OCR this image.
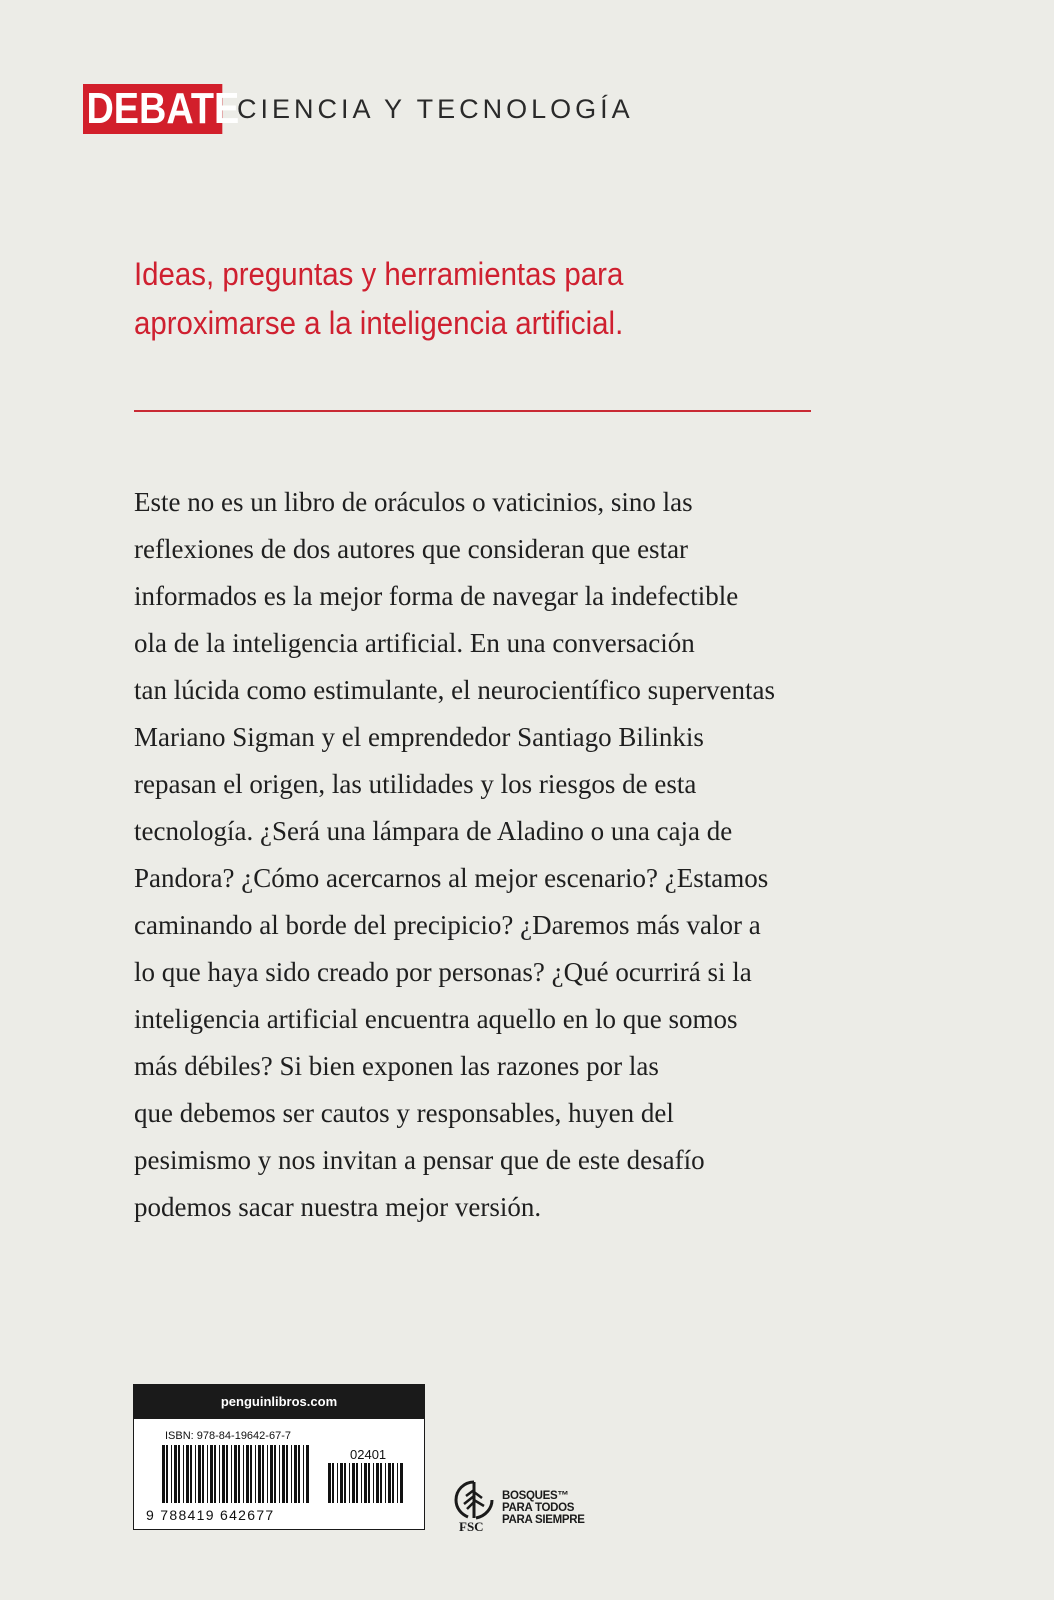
DEBATE
CIENCIA Y TECNOLOGÍA
Ideas, preguntas y herramientas para
aproximarse a la inteligencia artificial.
Este no es un libro de oráculos o vaticinios, sino las
reflexiones de dos autores que consideran que estar
informados es la mejor forma de navegar la indefectible
ola de la inteligencia artificial. En una conversación
tan lúcida como estimulante, el neurocientífico superventas
Mariano Sigman y el emprendedor Santiago Bilinkis
repasan el origen, las utilidades y los riesgos de esta
tecnología. ¿Será una lámpara de Aladino o una caja de
Pandora? ¿Cómo acercarnos al mejor escenario? ¿Estamos
caminando al borde del precipicio? ¿Daremos más valor a
lo que haya sido creado por personas? ¿Qué ocurrirá si la
inteligencia artificial encuentra aquello en lo que somos
más débiles? Si bien exponen las razones por las
que debemos ser cautos y responsables, huyen del
pesimismo y nos invitan a pensar que de este desafío
podemos sacar nuestra mejor versión.
penguinlibros.com
ISBN: 978-84-19642-67-7
02401
9 788419 642677
FSC
BOSQUES™
PARA TODOS
PARA SIEMPRE
